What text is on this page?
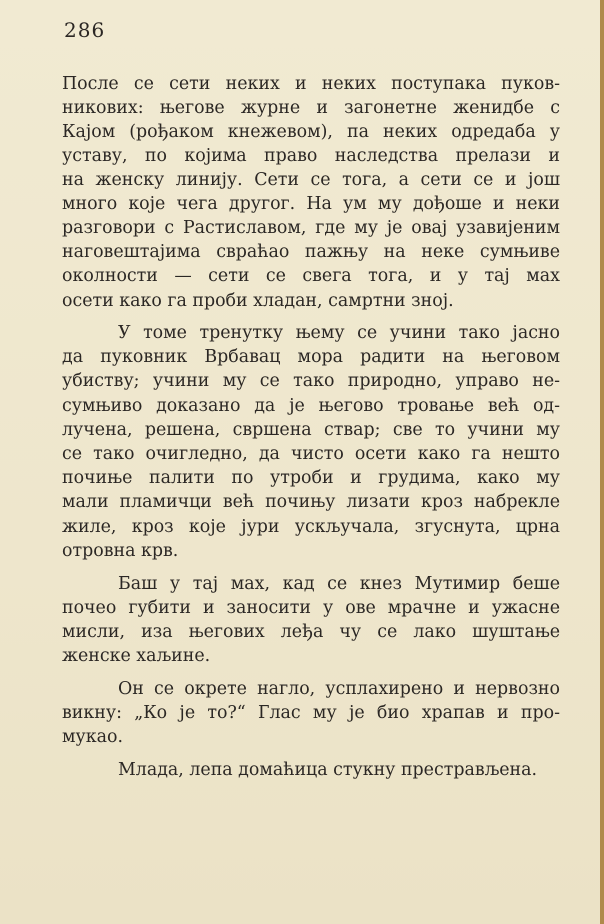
286
После се сети неких и неких поступака пуков-
никових: његове журне и загонетне женидбе с
Кајом (рођаком кнежевом), па неких одредаба у
уставу, по којима право наследства прелази и
на женску линију. Сети се тога, а сети се и још
много које чега другог. На ум му дођоше и неки
разговори с Растиславом, где му је овај узавијеним
наговештајима свраћао пажњу на неке сумњиве
околности — сети се свега тога, и у тај мах
осети како га проби хладан, самртни зној.
У томе тренутку њему се учини тако јасно
да пуковник Врбавац мора радити на његовом
убиству; учини му се тако природно, управо не-
сумњиво доказано да је његово тровање већ од-
лучена, решена, свршена ствар; све то учини му
се тако очигледно, да чисто осети како га нешто
почиње палити по утроби и грудима, како му
мали пламичци већ почињу лизати кроз набрекле
жиле, кроз које јури ускључала, згуснута, црна
отровна крв.
Баш у тај мах, кад се кнез Мутимир беше
почео губити и заносити у ове мрачне и ужасне
мисли, иза његових леђа чу се лако шуштање
женске хаљине.
Он се окрете нагло, усплахирено и нервозно
викну: „Ко је то?“ Глас му је био храпав и про-
мукао.
Млада, лепа домаћица стукну престрављена.
